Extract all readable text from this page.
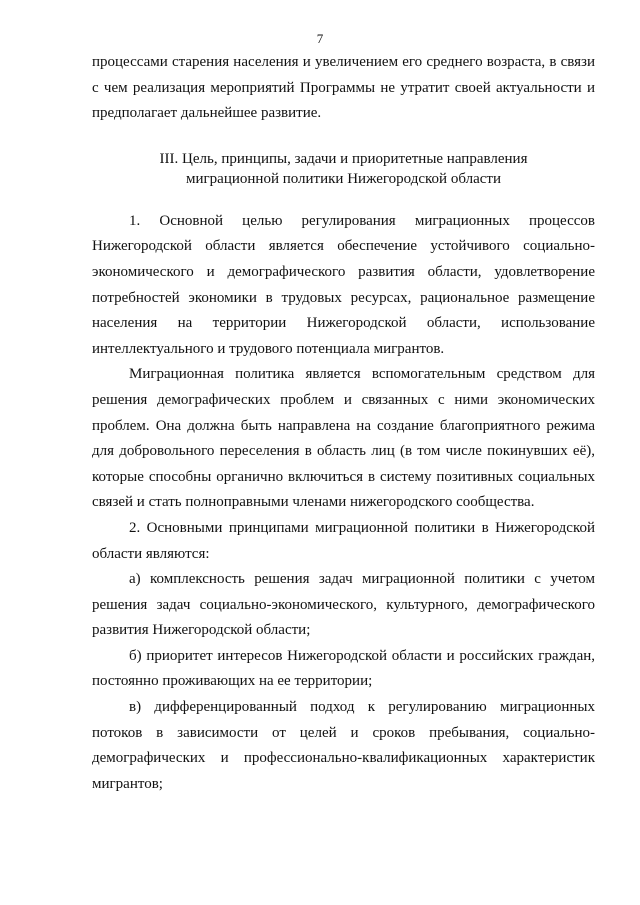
7

процессами старения населения и увеличением его среднего возраста, в связи с чем реализация мероприятий Программы не утратит своей актуальности и предполагает дальнейшее развитие.

III. Цель, принципы, задачи и приоритетные направления
миграционной политики Нижегородской области

1. Основной целью регулирования миграционных процессов Нижегородской области является обеспечение устойчивого социально-экономического и демографического развития области, удовлетворение потребностей экономики в трудовых ресурсах, рациональное размещение населения на территории Нижегородской области, использование интеллектуального и трудового потенциала мигрантов.

Миграционная политика является вспомогательным средством для решения демографических проблем и связанных с ними экономических проблем. Она должна быть направлена на создание благоприятного режима для добровольного переселения в область лиц (в том числе покинувших её), которые способны органично включиться в систему позитивных социальных связей и стать полноправными членами нижегородского сообщества.

2. Основными принципами миграционной политики в Нижегородской области являются:

а) комплексность решения задач миграционной политики с учетом решения задач социально-экономического, культурного, демографического развития Нижегородской области;

б) приоритет интересов Нижегородской области и российских граждан, постоянно проживающих на ее территории;

в) дифференцированный подход к регулированию миграционных потоков в зависимости от целей и сроков пребывания, социально-демографических и профессионально-квалификационных характеристик мигрантов;
